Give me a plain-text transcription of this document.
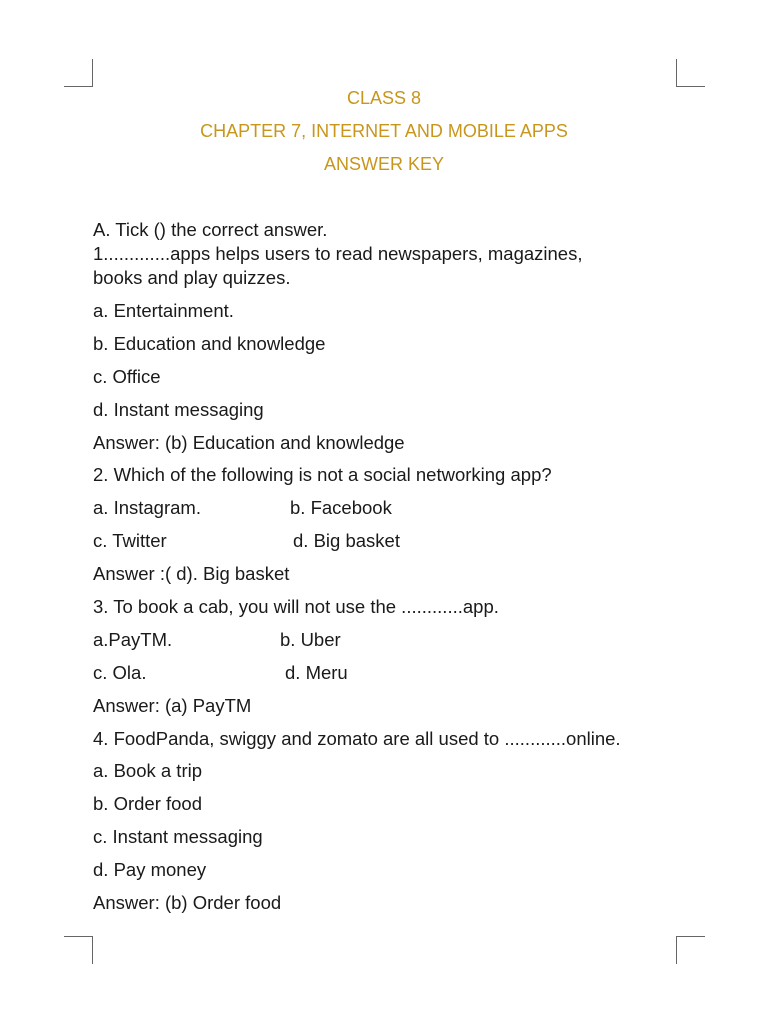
CLASS 8
CHAPTER 7, INTERNET AND MOBILE APPS
ANSWER KEY
A. Tick () the correct answer.
1.............apps helps users to read newspapers, magazines,
books and play quizzes.
a. Entertainment.
b. Education and knowledge
c. Office
d. Instant messaging
Answer: (b) Education and knowledge
2. Which of the following is not a social networking app?
a. Instagram.	b. Facebook
c. Twitter	d. Big basket
Answer :( d). Big basket
3. To book a cab, you will not use the ............app.
a.PayTM.	b. Uber
c. Ola.	d. Meru
Answer: (a) PayTM
4. FoodPanda, swiggy and zomato are all used to ............online.
a. Book a trip
b. Order food
c. Instant messaging
d. Pay money
Answer: (b) Order food
